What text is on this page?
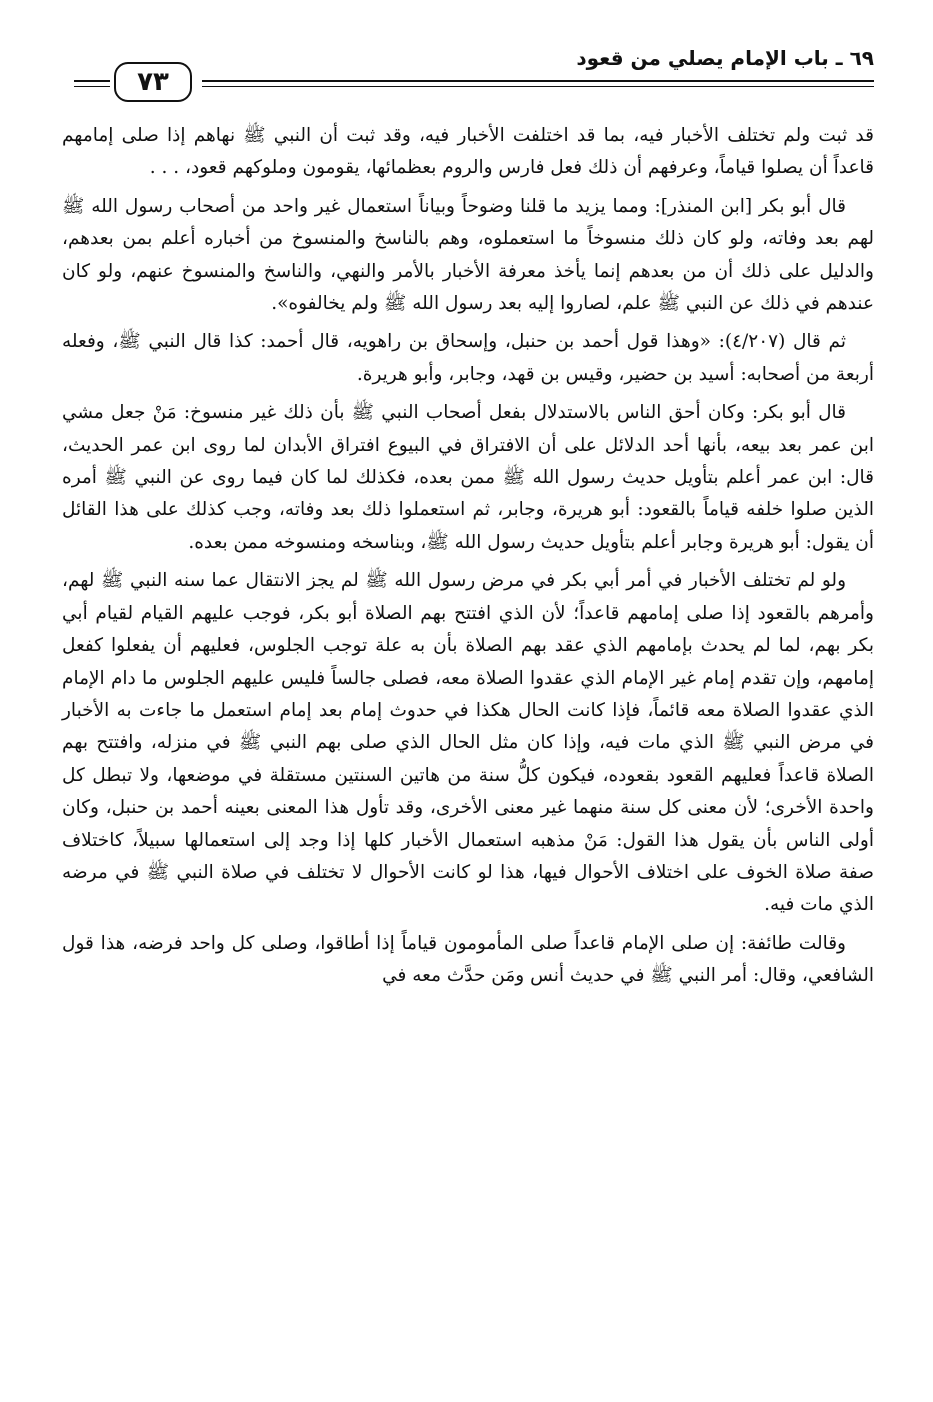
٦٩ ـ باب الإمام يصلي من قعود
٧٣

قد ثبت ولم تختلف الأخبار فيه، بما قد اختلفت الأخبار فيه، وقد ثبت أن النبي ﷺ نهاهم إذا صلى إمامهم قاعداً أن يصلوا قياماً، وعرفهم أن ذلك فعل فارس والروم بعظمائها، يقومون وملوكهم قعود، . . .

قال أبو بكر [ابن المنذر]: ومما يزيد ما قلنا وضوحاً وبياناً استعمال غير واحد من أصحاب رسول الله ﷺ لهم بعد وفاته، ولو كان ذلك منسوخاً ما استعملوه، وهم بالناسخ والمنسوخ من أخباره أعلم بمن بعدهم، والدليل على ذلك أن من بعدهم إنما يأخذ معرفة الأخبار بالأمر والنهي، والناسخ والمنسوخ عنهم، ولو كان عندهم في ذلك عن النبي ﷺ علم، لصاروا إليه بعد رسول الله ﷺ ولم يخالفوه».

ثم قال (٤/٢٠٧): «وهذا قول أحمد بن حنبل، وإسحاق بن راهويه، قال أحمد: كذا قال النبي ﷺ، وفعله أربعة من أصحابه: أسيد بن حضير، وقيس بن قهد، وجابر، وأبو هريرة.

قال أبو بكر: وكان أحق الناس بالاستدلال بفعل أصحاب النبي ﷺ بأن ذلك غير منسوخ: مَنْ جعل مشي ابن عمر بعد بيعه، بأنها أحد الدلائل على أن الافتراق في البيوع افتراق الأبدان لما روى ابن عمر الحديث، قال: ابن عمر أعلم بتأويل حديث رسول الله ﷺ ممن بعده، فكذلك لما كان فيما روى عن النبي ﷺ أمره الذين صلوا خلفه قياماً بالقعود: أبو هريرة، وجابر، ثم استعملوا ذلك بعد وفاته، وجب كذلك على هذا القائل أن يقول: أبو هريرة وجابر أعلم بتأويل حديث رسول الله ﷺ، وبناسخه ومنسوخه ممن بعده.

ولو لم تختلف الأخبار في أمر أبي بكر في مرض رسول الله ﷺ لم يجز الانتقال عما سنه النبي ﷺ لهم، وأمرهم بالقعود إذا صلى إمامهم قاعداً؛ لأن الذي افتتح بهم الصلاة أبو بكر، فوجب عليهم القيام لقيام أبي بكر بهم، لما لم يحدث بإمامهم الذي عقد بهم الصلاة بأن به علة توجب الجلوس، فعليهم أن يفعلوا كفعل إمامهم، وإن تقدم إمام غير الإمام الذي عقدوا الصلاة معه، فصلى جالساً فليس عليهم الجلوس ما دام الإمام الذي عقدوا الصلاة معه قائماً، فإذا كانت الحال هكذا في حدوث إمام بعد إمام استعمل ما جاءت به الأخبار في مرض النبي ﷺ الذي مات فيه، وإذا كان مثل الحال الذي صلى بهم النبي ﷺ في منزله، وافتتح بهم الصلاة قاعداً فعليهم القعود بقعوده، فيكون كلُّ سنة من هاتين السنتين مستقلة في موضعها، ولا تبطل كل واحدة الأخرى؛ لأن معنى كل سنة منهما غير معنى الأخرى، وقد تأول هذا المعنى بعينه أحمد بن حنبل، وكان أولى الناس بأن يقول هذا القول: مَنْ مذهبه استعمال الأخبار كلها إذا وجد إلى استعمالها سبيلاً، كاختلاف صفة صلاة الخوف على اختلاف الأحوال فيها، هذا لو كانت الأحوال لا تختلف في صلاة النبي ﷺ في مرضه الذي مات فيه.

وقالت طائفة: إن صلى الإمام قاعداً صلى المأمومون قياماً إذا أطاقوا، وصلى كل واحد فرضه، هذا قول الشافعي، وقال: أمر النبي ﷺ في حديث أنس ومَن حدَّث معه في
